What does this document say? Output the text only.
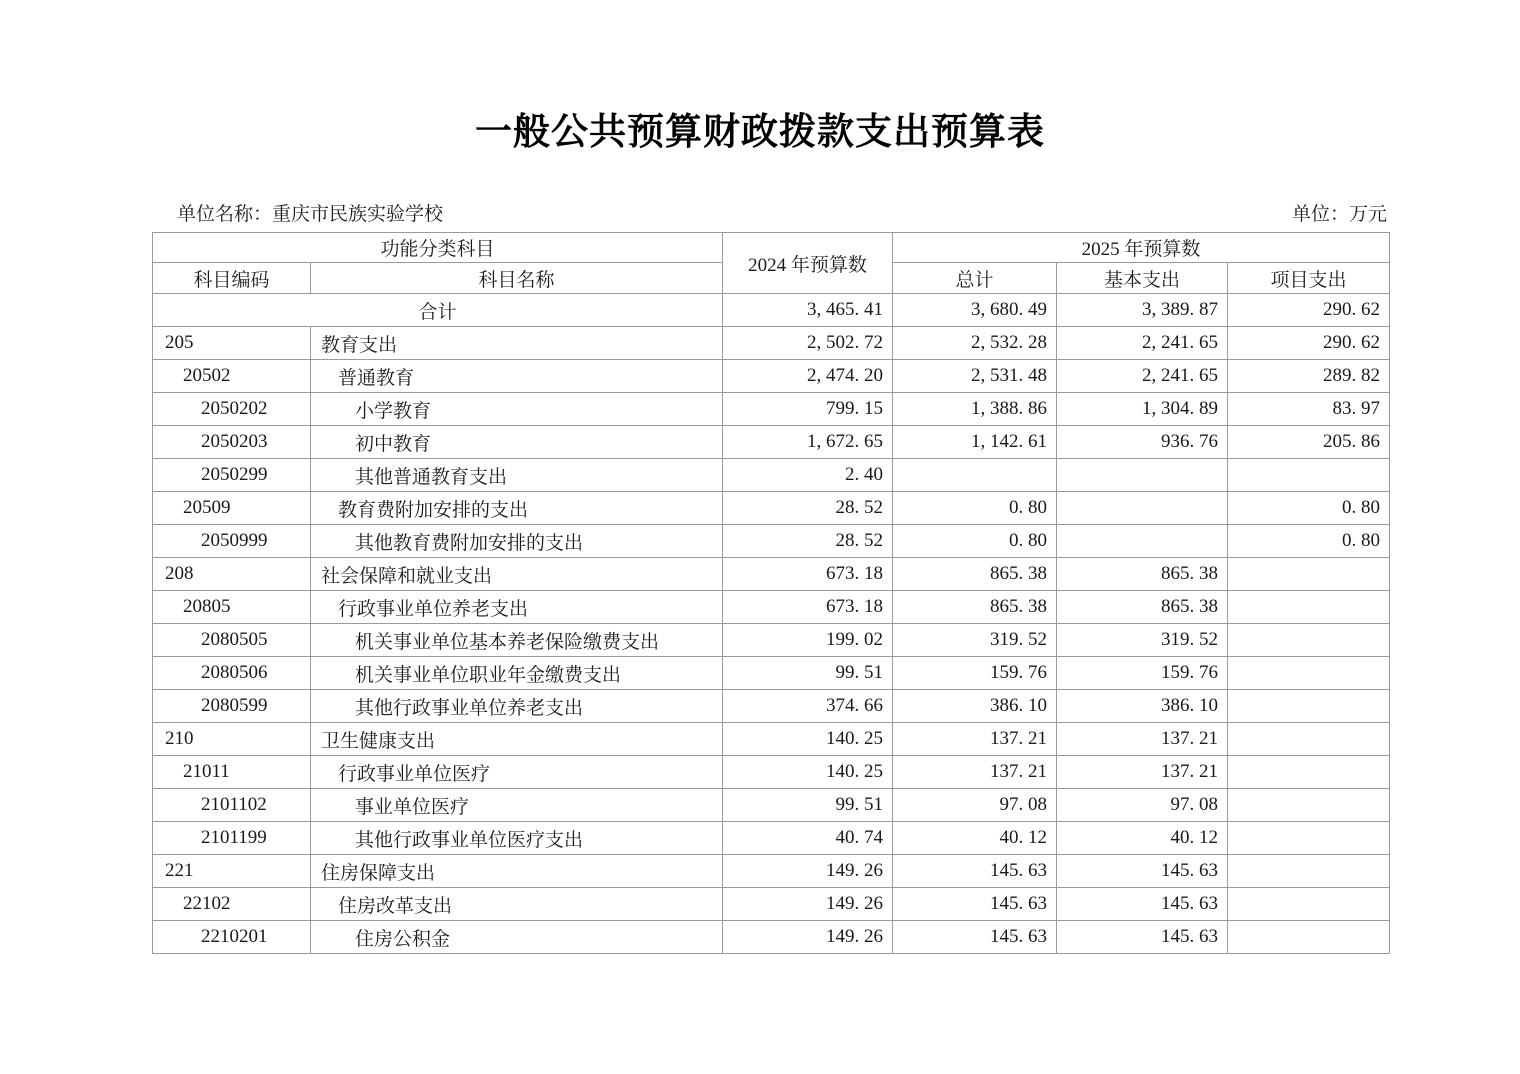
一般公共预算财政拨款支出预算表
单位名称：重庆市民族实验学校	单位：万元
功能分类科目		2024 年预算数	2025 年预算数		
科目编码	科目名称		总计	基本支出	项目支出
合计		3, 465. 41	3, 680. 49	3, 389. 87	290. 62
205	教育支出	2, 502. 72	2, 532. 28	2, 241. 65	290. 62
20502	普通教育	2, 474. 20	2, 531. 48	2, 241. 65	289. 82
2050202	小学教育	799. 15	1, 388. 86	1, 304. 89	83. 97
2050203	初中教育	1, 672. 65	1, 142. 61	936. 76	205. 86
2050299	其他普通教育支出	2. 40			
20509	教育费附加安排的支出	28. 52	0. 80		0. 80
2050999	其他教育费附加安排的支出	28. 52	0. 80		0. 80
208	社会保障和就业支出	673. 18	865. 38	865. 38	
20805	行政事业单位养老支出	673. 18	865. 38	865. 38	
2080505	机关事业单位基本养老保险缴费支出	199. 02	319. 52	319. 52	
2080506	机关事业单位职业年金缴费支出	99. 51	159. 76	159. 76	
2080599	其他行政事业单位养老支出	374. 66	386. 10	386. 10	
210	卫生健康支出	140. 25	137. 21	137. 21	
21011	行政事业单位医疗	140. 25	137. 21	137. 21	
2101102	事业单位医疗	99. 51	97. 08	97. 08	
2101199	其他行政事业单位医疗支出	40. 74	40. 12	40. 12	
221	住房保障支出	149. 26	145. 63	145. 63	
22102	住房改革支出	149. 26	145. 63	145. 63	
2210201	住房公积金	149. 26	145. 63	145. 63	
